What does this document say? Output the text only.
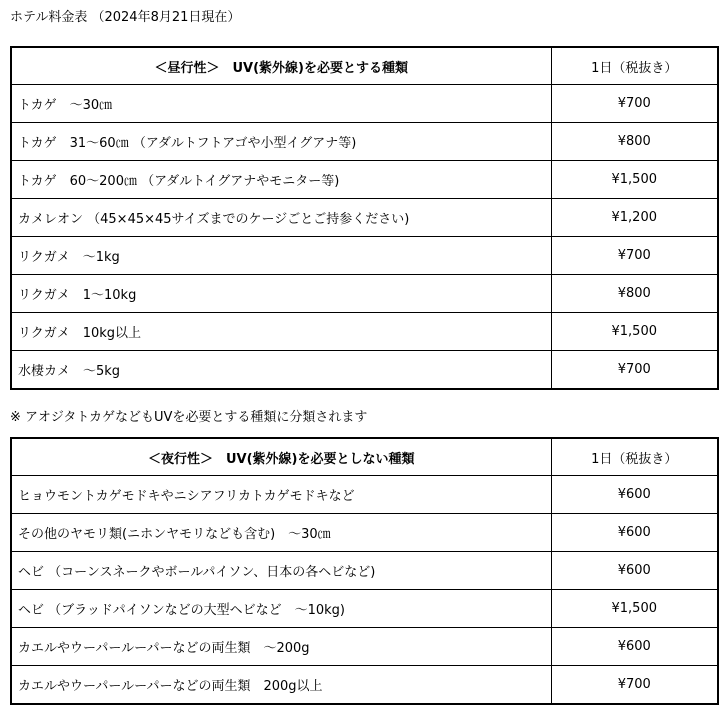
ホテル料金表 （2024年8月21日現在）
＜昼行性＞　UV(紫外線)を必要とする種類	1日（税抜き）
トカゲ　～30㎝	¥700
トカゲ　31～60㎝ （アダルトフトアゴや小型イグアナ等)	¥800
トカゲ　60～200㎝ （アダルトイグアナやモニター等)	¥1,500
カメレオン （45×45×45サイズまでのケージごとご持参ください)	¥1,200
リクガメ　～1kg	¥700
リクガメ　1～10kg	¥800
リクガメ　10kg以上	¥1,500
水棲カメ　～5kg	¥700
※ アオジタトカゲなどもUVを必要とする種類に分類されます
＜夜行性＞　UV(紫外線)を必要としない種類	1日（税抜き）
ヒョウモントカゲモドキやニシアフリカトカゲモドキなど	¥600
その他のヤモリ類(ニホンヤモリなども含む)　～30㎝	¥600
ヘビ （コーンスネークやボールパイソン、日本の各ヘビなど)	¥600
ヘビ （ブラッドパイソンなどの大型ヘビなど　～10kg)	¥1,500
カエルやウーパールーパーなどの両生類　～200g	¥600
カエルやウーパールーパーなどの両生類　200g以上	¥700
